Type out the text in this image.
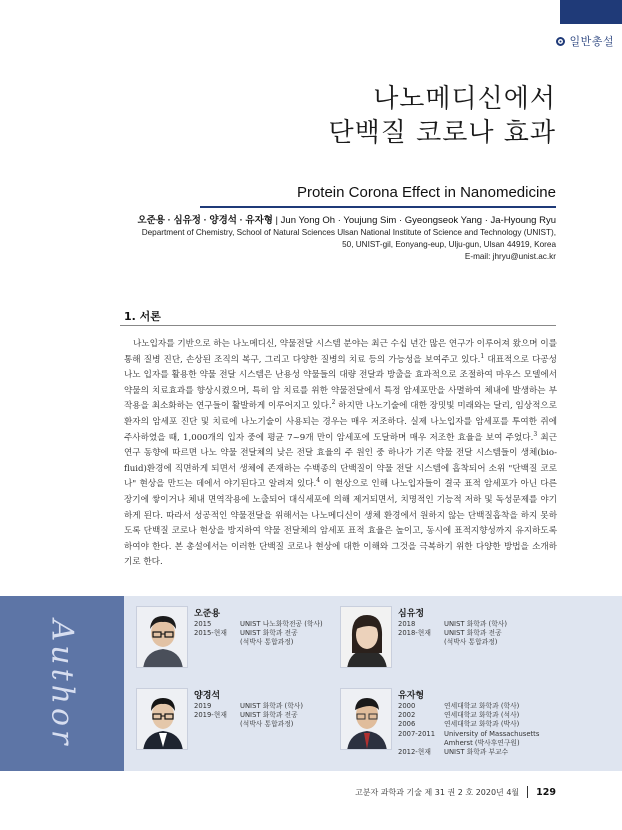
일반총설
나노메디신에서
단백질 코로나 효과
Protein Corona Effect in Nanomedicine
오준용 · 심유정 · 양경석 · 유자형 | Jun Yong Oh · Youjung Sim · Gyeongseok Yang · Ja-Hyoung Ryu
Department of Chemistry, School of Natural Sciences Ulsan National Institute of Science and Technology (UNIST),
50, UNIST-gil, Eonyang-eup, Ulju-gun, Ulsan 44919, Korea
E-mail: jhryu@unist.ac.kr
1. 서론

나노입자를 기반으로 하는 나노메디신, 약물전달 시스템 분야는 최근 수십 년간 많은 연구가 이루어져 왔으며 이를 통해 질병 진단, 손상된 조직의 복구, 그리고 다양한 질병의 치료 등의 가능성을 보여주고 있다.$^1$ 대표적으로 다공성 나노 입자를 활용한 약물 전달 시스템은 난용성 약물들의 대량 전달과 방출을 효과적으로 조절하여 마우스 모델에서 약물의 치료효과를 향상시켰으며, 특히 암 치료를 위한 약물전달에서 특정 암세포만을 사멸하여 체내에 발생하는 부작용을 최소화하는 연구들이 활발하게 이루어지고 있다.$^2$ 하지만 나노기술에 대한 장밋빛 미래와는 달리, 임상적으로 환자의 암세포 진단 및 치료에 나노기술이 사용되는 경우는 매우 저조하다. 실제 나노입자를 암세포를 투여한 쥐에 주사하였을 때, 1,000개의 입자 중에 평균 7~9개 만이 암세포에 도달하며 매우 저조한 효율을 보여 주었다.$^3$ 최근 연구 동향에 따르면 나노 약물 전달체의 낮은 전달 효율의 주 원인 중 하나가 기존 약물 전달 시스템들이 생체(bio-fluid)환경에 직면하게 되면서 생체에 존재하는 수백종의 단백질이 약물 전달 시스템에 흡착되어 소위 "단백질 코로나" 현상을 만드는 데에서 야기된다고 알려져 있다.$^4$ 이 현상으로 인해 나노입자들이 결국 표적 암세포가 아닌 다른 장기에 쌓이거나 체내 면역작용에 노출되어 대식세포에 의해 제거되면서, 치명적인 기능적 저하 및 독성문제를 야기하게 된다. 따라서 성공적인 약물전달을 위해서는 나노메디신이 생체 환경에서 원하지 않는 단백질흡착을 하지 못하도록 단백질 코로나 현상을 방지하여 약물 전달체의 암세포 표적 효율은 높이고, 동시에 표적지향성까지 유지하도록 하여야 한다. 본 총설에서는 이러한 단백질 코로나 현상에 대한 이해와 그것을 극복하기 위한 다양한 방법을 소개하기로 한다.

Author
오준용
2015	UNIST 나노화학전공 (학사)
2015-현재	UNIST 화학과 전공
(석박사 통합과정)
심유정
2018	UNIST 화학과 (학사)
2018-현재	UNIST 화학과 전공
(석박사 통합과정)
양경석
2019	UNIST 화학과 (학사)
2019-현재	UNIST 화학과 전공
(석박사 통합과정)
유자형
2000	연세대학교 화학과 (학사)
2002	연세대학교 화학과 (석사)
2006	연세대학교 화학과 (박사)
2007-2011	University of Massachusetts
Amherst (박사후연구원)
2012-현재	UNIST 화학과 부교수
고분자 과학과 기술 제 31 권 2 호 2020년 4월 129
